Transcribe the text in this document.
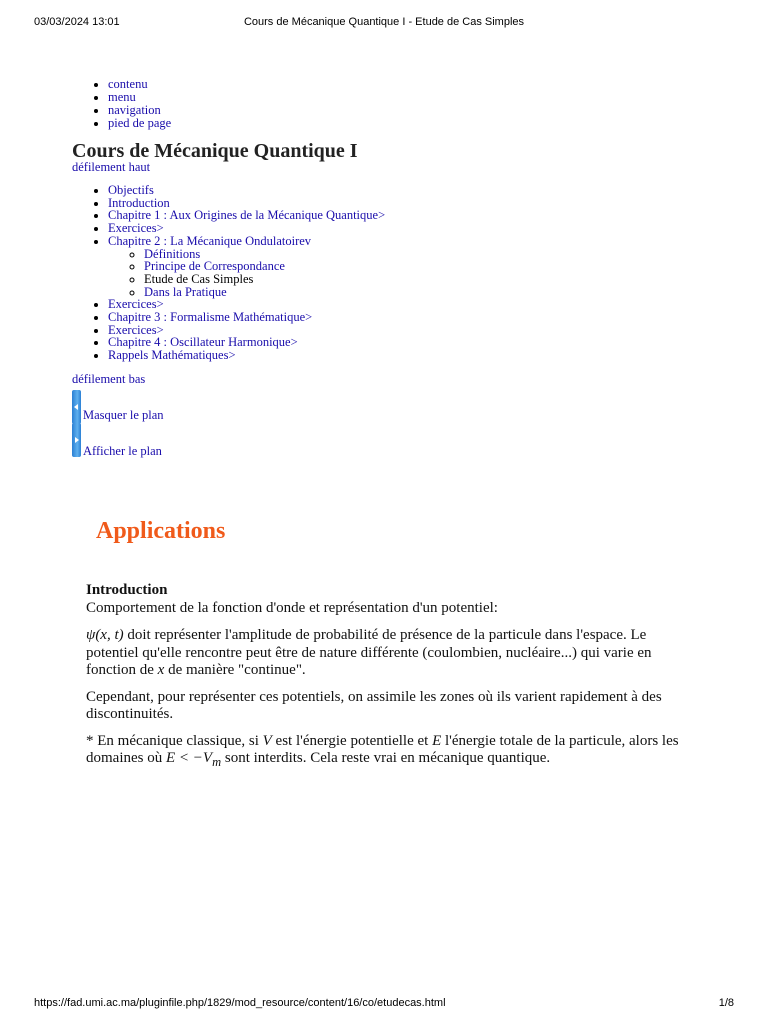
03/03/2024 13:01	Cours de Mécanique Quantique I - Etude de Cas Simples
• contenu
• menu
• navigation
• pied de page
Cours de Mécanique Quantique I
défilement haut
• Objectifs
• Introduction
• Chapitre 1 : Aux Origines de la Mécanique Quantique>
• Exercices>
• Chapitre 2 : La Mécanique Ondulatoirev
◦ Définitions
◦ Principe de Correspondance
◦ Etude de Cas Simples
◦ Dans la Pratique
• Exercices>
• Chapitre 3 : Formalisme Mathématique>
• Exercices>
• Chapitre 4 : Oscillateur Harmonique>
• Rappels Mathématiques>
défilement bas
Masquer le plan
Afficher le plan
Applications
Introduction

Comportement de la fonction d'onde et représentation d'un potentiel:

ψ(x, t) doit représenter l'amplitude de probabilité de présence de la particule dans l'espace. Le potentiel qu'elle rencontre peut être de nature différente (coulombien, nucléaire...) qui varie en fonction de x de manière "continue".

Cependant, pour représenter ces potentiels, on assimile les zones où ils varient rapidement à des discontinuités.

* En mécanique classique, si V est l'énergie potentielle et E l'énergie totale de la particule, alors les domaines où $E < -V_m$ sont interdits. Cela reste vrai en mécanique quantique.

https://fad.umi.ac.ma/pluginfile.php/1829/mod_resource/content/16/co/etudecas.html	1/8
